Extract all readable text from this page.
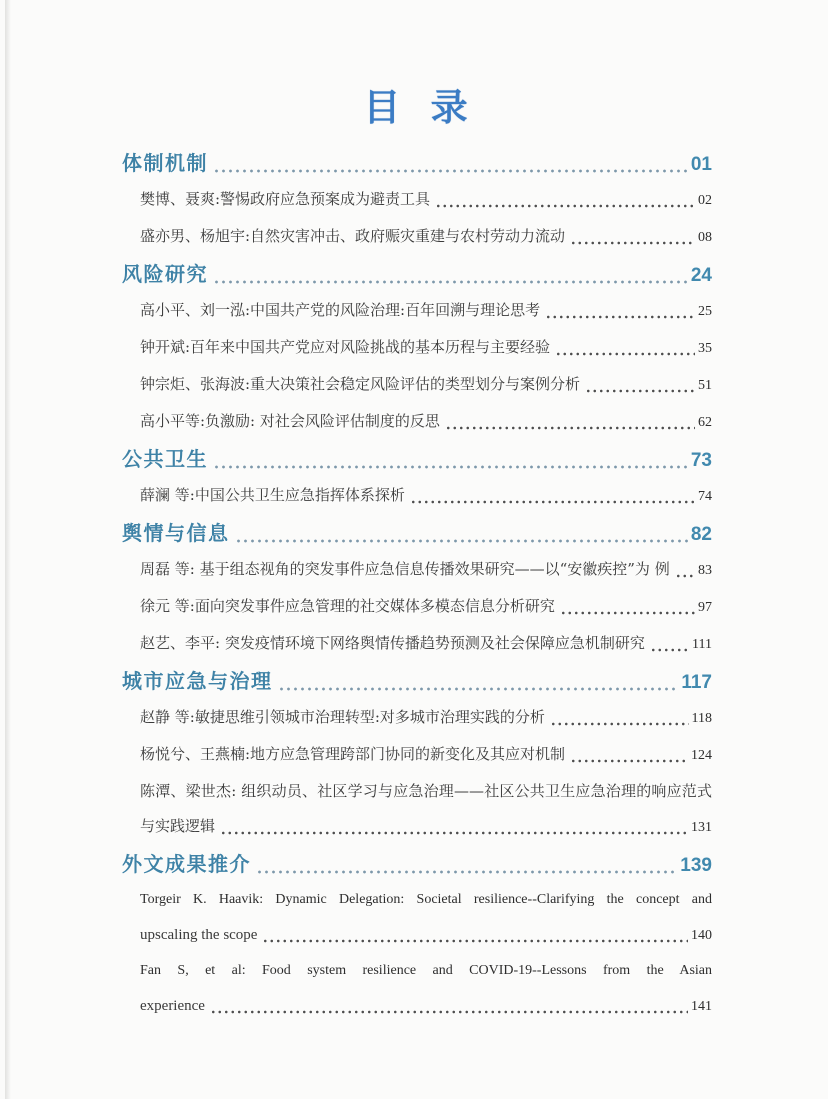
目 录
体制机制	01
樊博、聂爽:警惕政府应急预案成为避责工具	02
盛亦男、杨旭宇:自然灾害冲击、政府赈灾重建与农村劳动力流动	08
风险研究	24
高小平、刘一泓:中国共产党的风险治理:百年回溯与理论思考	25
钟开斌:百年来中国共产党应对风险挑战的基本历程与主要经验	35
钟宗炬、张海波:重大决策社会稳定风险评估的类型划分与案例分析	51
高小平等:负激励: 对社会风险评估制度的反思	62
公共卫生	73
薛澜 等:中国公共卫生应急指挥体系探析	74
舆情与信息	82
周磊 等: 基于组态视角的突发事件应急信息传播效果研究——以“安徽疾控”为 例 83
徐元 等:面向突发事件应急管理的社交媒体多模态信息分析研究	97
赵艺、李平: 突发疫情环境下网络舆情传播趋势预测及社会保障应急机制研究	111
城市应急与治理	117
赵静 等:敏捷思维引领城市治理转型:对多城市治理实践的分析	118
杨悦兮、王燕楠:地方应急管理跨部门协同的新变化及其应对机制	124
陈潭、梁世杰: 组织动员、社区学习与应急治理——社区公共卫生应急治理的响应范式
与实践逻辑	131
外文成果推介	139
Torgeir K. Haavik: Dynamic Delegation: Societal resilience--Clarifying the concept and
upscaling the scope	140
Fan S, et al: Food system resilience and COVID-19--Lessons from the Asian
experience	141
